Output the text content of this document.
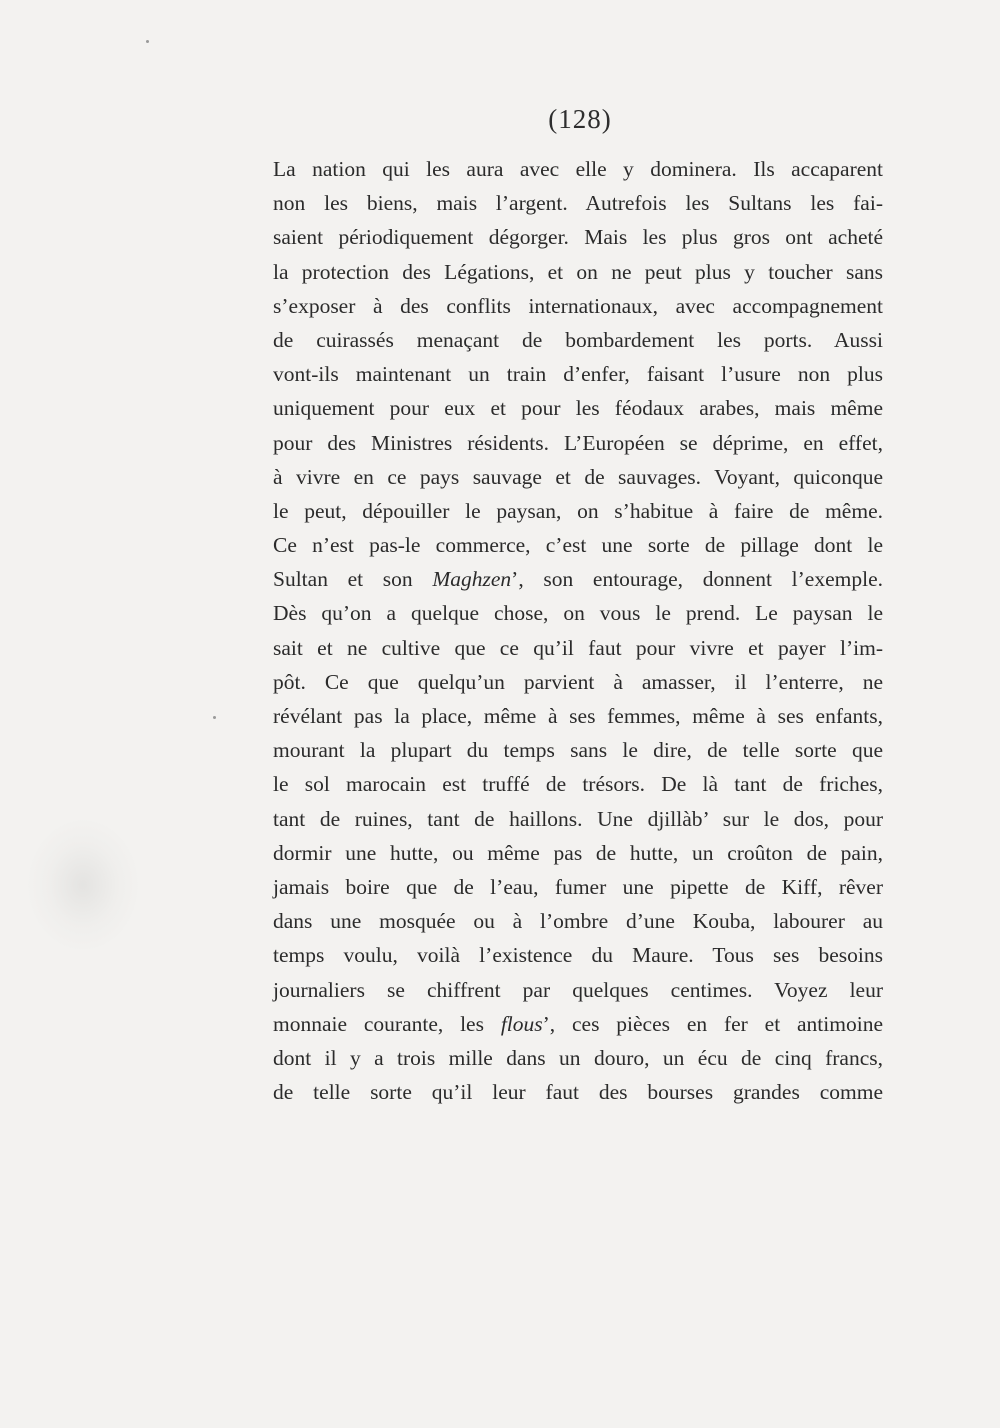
(128)

La nation qui les aura avec elle y dominera. Ils accaparent
non les biens, mais l’argent. Autrefois les Sultans les fai-
saient périodiquement dégorger. Mais les plus gros ont acheté
la protection des Légations, et on ne peut plus y toucher sans
s’exposer à des conflits internationaux, avec accompagnement
de cuirassés menaçant de bombardement les ports. Aussi
vont-ils maintenant un train d’enfer, faisant l’usure non plus
uniquement pour eux et pour les féodaux arabes, mais même
pour des Ministres résidents. L’Européen se déprime, en effet,
à vivre en ce pays sauvage et de sauvages. Voyant, quiconque
le peut, dépouiller le paysan, on s’habitue à faire de même.
Ce n’est pas-le commerce, c’est une sorte de pillage dont le
Sultan et son Maghzen’, son entourage, donnent l’exemple.
Dès qu’on a quelque chose, on vous le prend. Le paysan le
sait et ne cultive que ce qu’il faut pour vivre et payer l’im-
pôt. Ce que quelqu’un parvient à amasser, il l’enterre, ne
révélant pas la place, même à ses femmes, même à ses enfants,
mourant la plupart du temps sans le dire, de telle sorte que
le sol marocain est truffé de trésors. De là tant de friches,
tant de ruines, tant de haillons. Une djillàb’ sur le dos, pour
dormir une hutte, ou même pas de hutte, un croûton de pain,
jamais boire que de l’eau, fumer une pipette de Kiff, rêver
dans une mosquée ou à l’ombre d’une Kouba, labourer au
temps voulu, voilà l’existence du Maure. Tous ses besoins
journaliers se chiffrent par quelques centimes. Voyez leur
monnaie courante, les flous’, ces pièces en fer et antimoine
dont il y a trois mille dans un douro, un écu de cinq francs,
de telle sorte qu’il leur faut des bourses grandes comme
